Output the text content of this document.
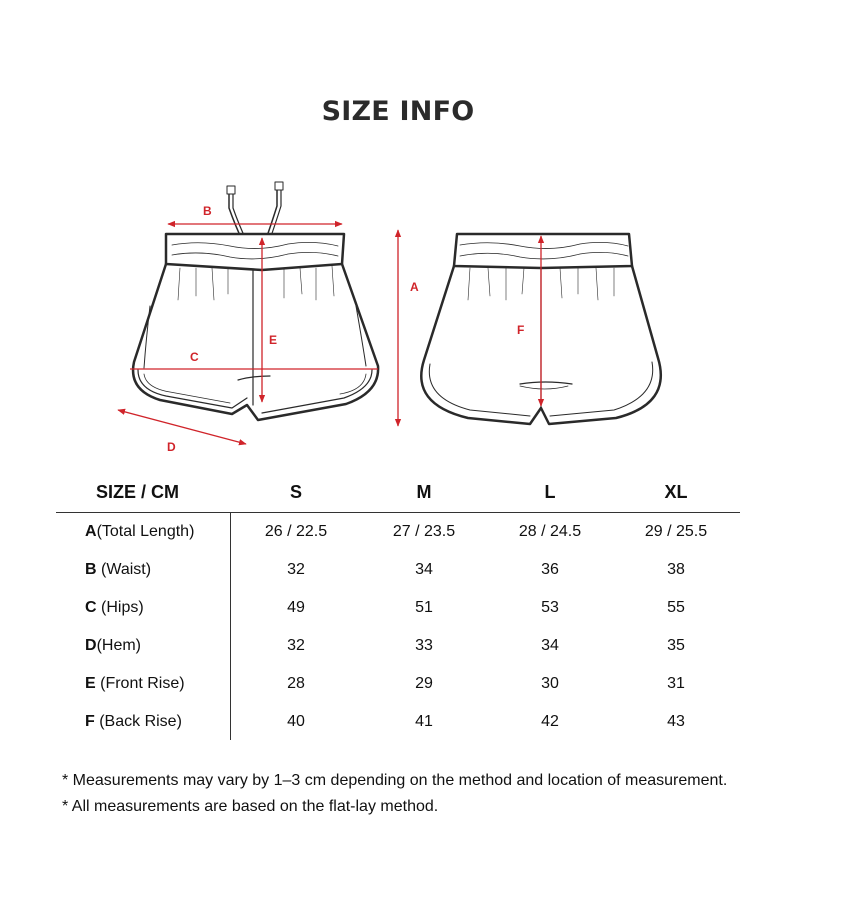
SIZE INFO
B
C
D
E
A
F
SIZE / CM	S	M	L	XL
A(Total Length)	26 / 22.5	27 / 23.5	28 / 24.5	29 / 25.5
B (Waist)	32	34	36	38
C (Hips)	49	51	53	55
D(Hem)	32	33	34	35
E (Front Rise)	28	29	30	31
F (Back Rise)	40	41	42	43
* Measurements may vary by 1–3 cm depending on the method and location of measurement.
* All measurements are based on the flat-lay method.
